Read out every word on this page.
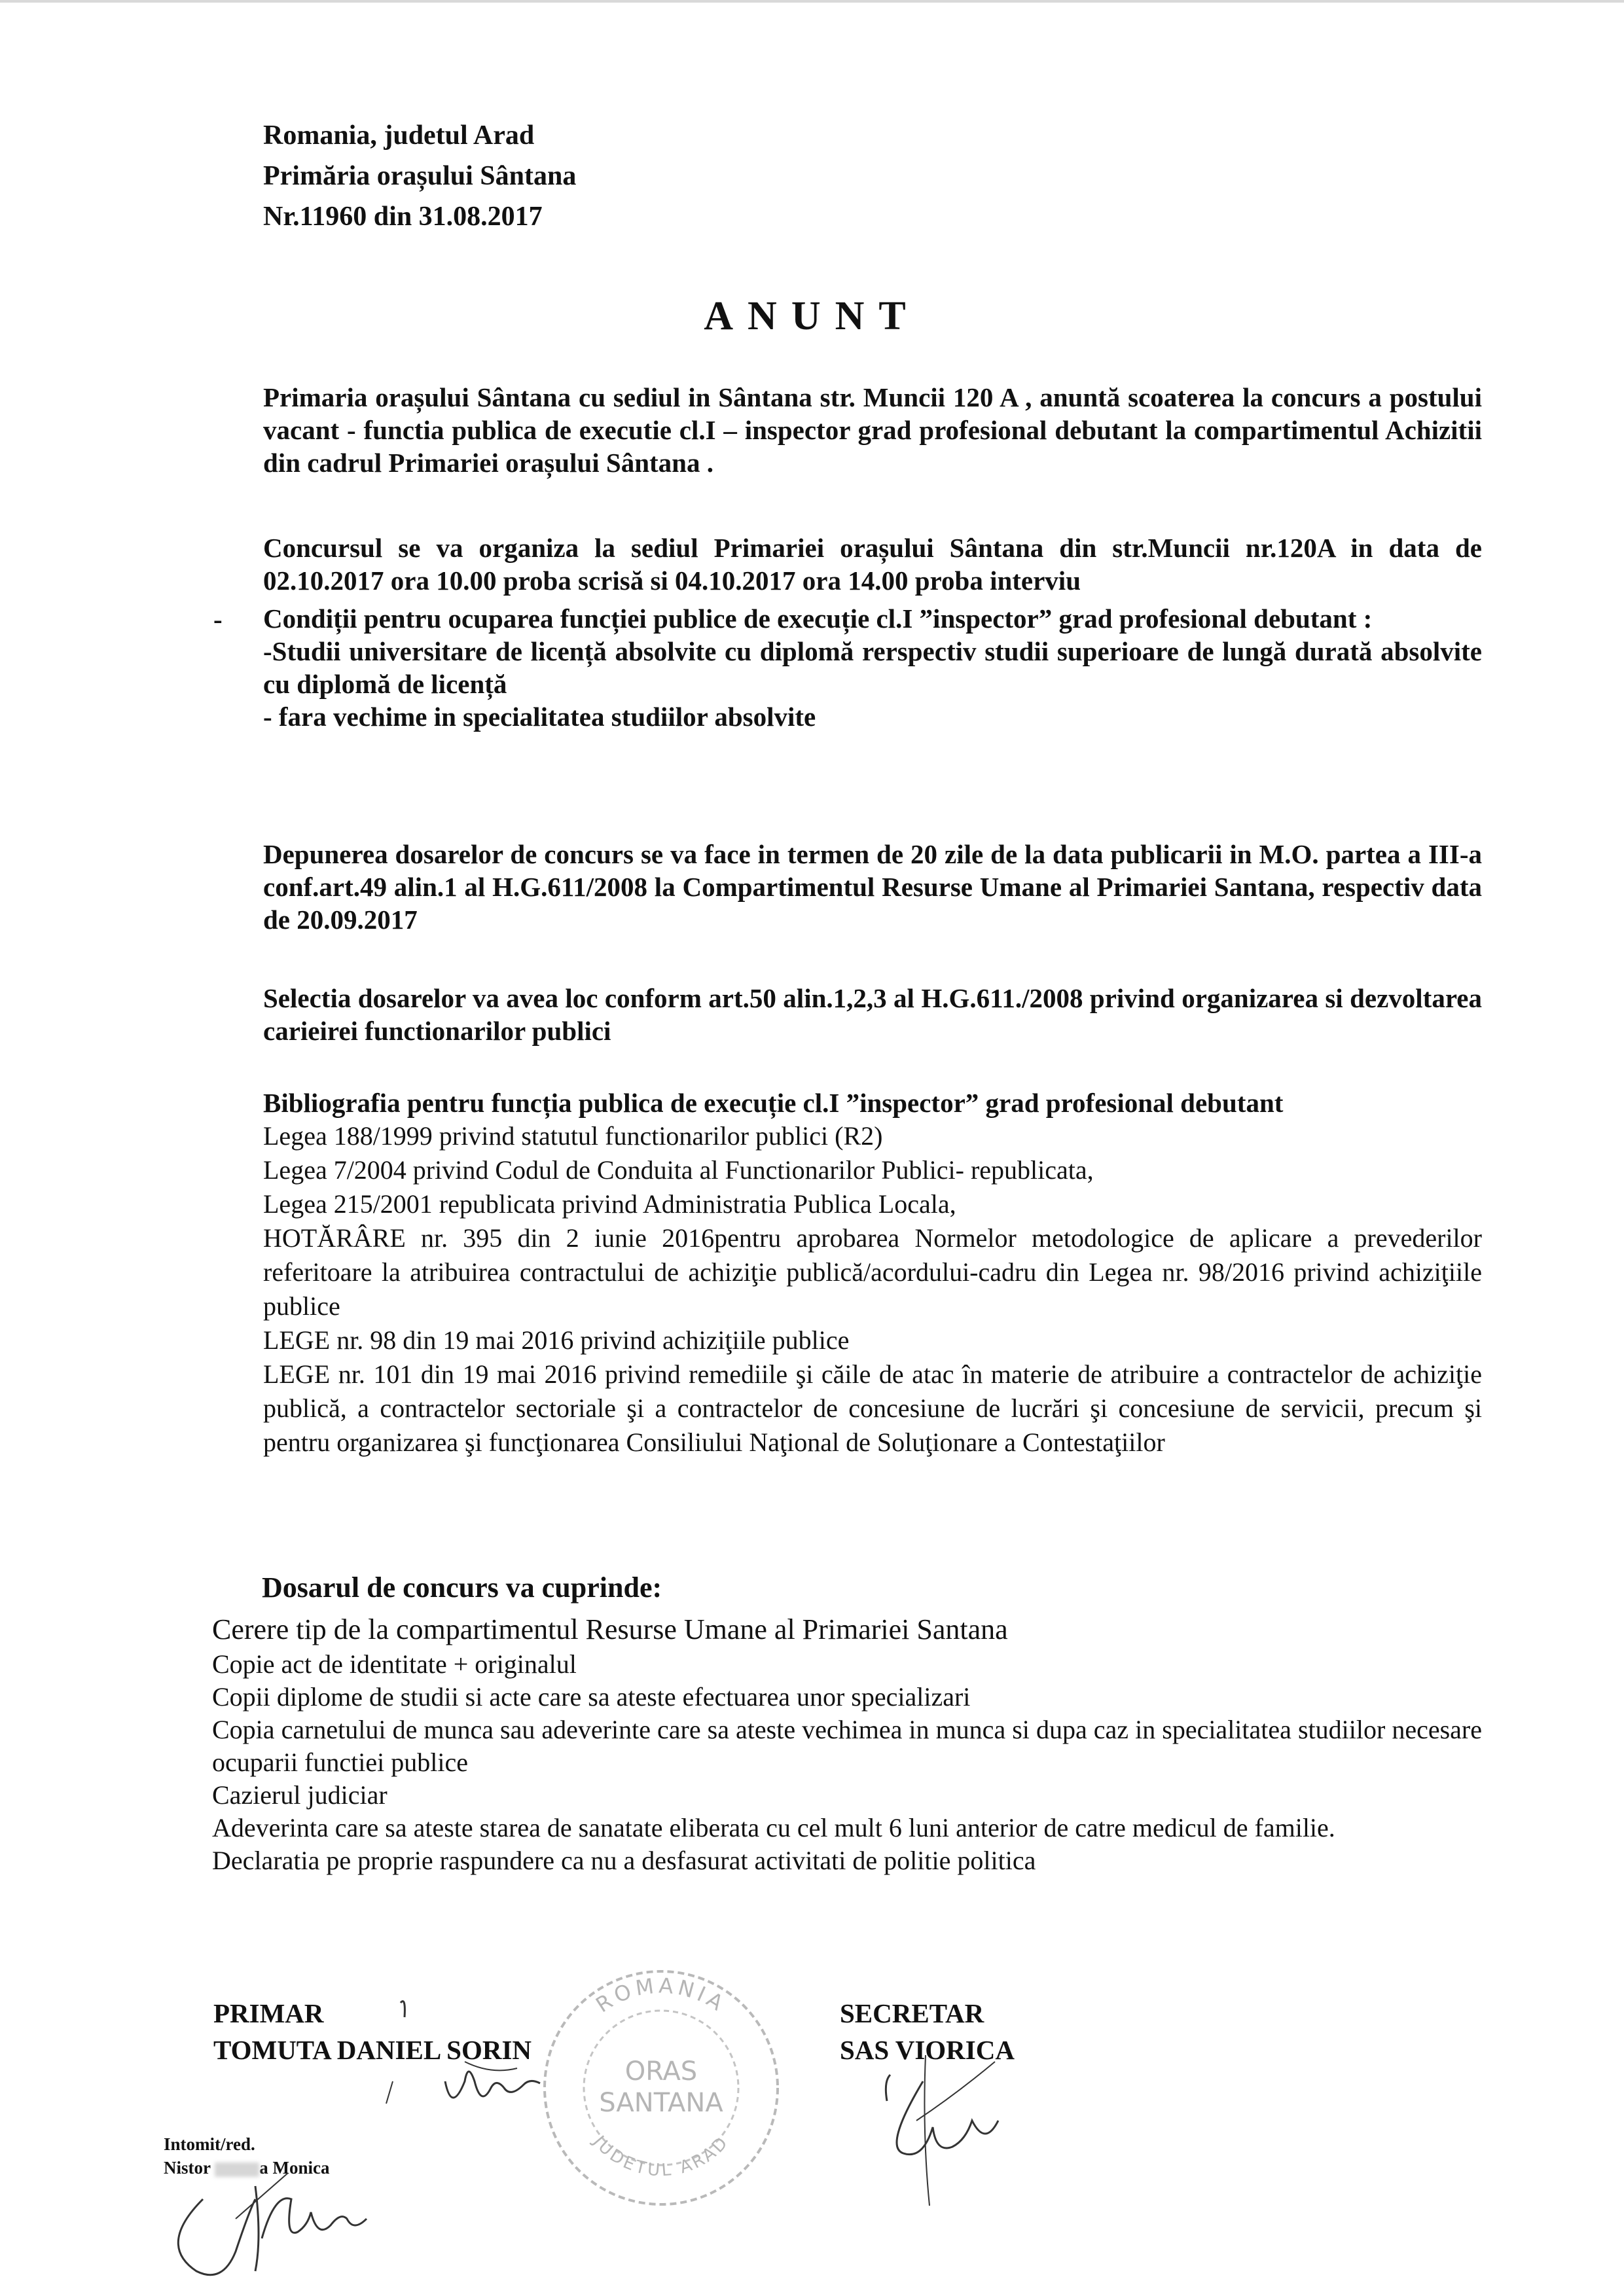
Romania, judetul Arad
Primăria orașului Sântana
Nr.11960 din 31.08.2017
ANUNT
Primaria orașului Sântana cu sediul in Sântana str. Muncii 120 A , anuntă scoaterea la concurs a postului vacant - functia publica de executie cl.I – inspector grad profesional debutant la compartimentul Achizitii din cadrul Primariei orașului Sântana .
Concursul se va organiza la sediul Primariei orașului Sântana din str.Muncii nr.120A in data de 02.10.2017 ora 10.00 proba scrisă si 04.10.2017 ora 14.00 proba interviu
- Condiții pentru ocuparea funcției publice de execuție cl.I ”inspector” grad profesional debutant :

-Studii universitare de licență absolvite cu diplomă rerspectiv studii superioare de lungă durată absolvite cu diplomă de licență

- fara vechime in specialitatea studiilor absolvite

Depunerea dosarelor de concurs se va face in termen de 20 zile de la data publicarii in M.O. partea a III-a conf.art.49 alin.1 al H.G.611/2008 la Compartimentul Resurse Umane al Primariei Santana, respectiv data de 20.09.2017
Selectia dosarelor va avea loc conform art.50 alin.1,2,3 al H.G.611./2008 privind organizarea si dezvoltarea carieirei functionarilor publici

Bibliografia pentru funcția publica de execuție cl.I ”inspector” grad profesional debutant

Legea 188/1999 privind statutul functionarilor publici (R2)

Legea 7/2004 privind Codul de Conduita al Functionarilor Publici- republicata,

Legea 215/2001 republicata privind Administratia Publica Locala,

HOTĂRÂRE nr. 395 din 2 iunie 2016pentru aprobarea Normelor metodologice de aplicare a prevederilor referitoare la atribuirea contractului de achiziţie publică/acordului-cadru din Legea nr. 98/2016 privind achiziţiile publice

LEGE nr. 98 din 19 mai 2016 privind achiziţiile publice

LEGE nr. 101 din 19 mai 2016 privind remediile şi căile de atac în materie de atribuire a contractelor de achiziţie publică, a contractelor sectoriale şi a contractelor de concesiune de lucrări şi concesiune de servicii, precum şi pentru organizarea şi funcţionarea Consiliului Naţional de Soluţionare a Contestaţiilor

Dosarul de concurs va cuprinde:

Cerere tip de la compartimentul Resurse Umane al Primariei Santana

Copie act de identitate + originalul

Copii diplome de studii si acte care sa ateste efectuarea unor specializari

Copia carnetului de munca sau adeverinte care sa ateste vechimea in munca si dupa caz in specialitatea studiilor necesare ocuparii functiei publice

Cazierul judiciar

Adeverinta care sa ateste starea de sanatate eliberata cu cel mult 6 luni anterior de catre medicul de familie.

Declaratia pe proprie raspundere ca nu a desfasurat activitati de politie politica

PRIMAR
TOMUTA DANIEL SORIN
SECRETAR
SAS VIORICA
ROMANIA
ORAS
SANTANA
JUDETUL ARAD
Intomit/red.
Nistor	a Monica
